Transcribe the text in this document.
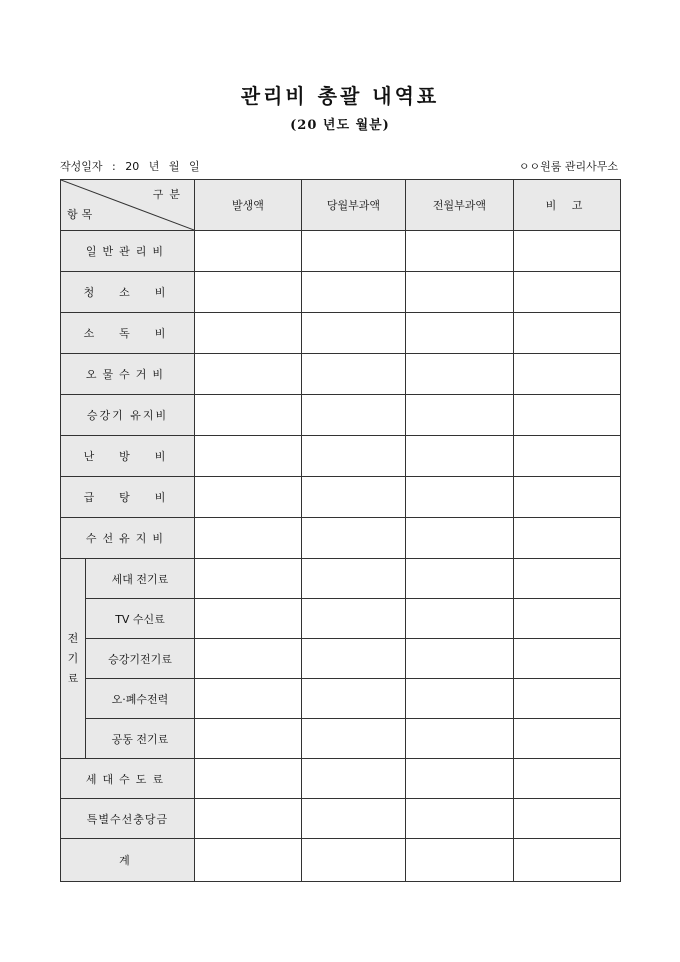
관리비 총괄 내역표
(20 년도 월분)
작성일자 : 20 년 월 일	ㅇㅇ원룸 관리사무소
구분
항목		발생액	당월부과액	전월부과액	비 고
일반관리비					
청  소  비					
소  독  비					
오물수거비					
승강기 유지비					
난  방  비					
급  탕  비					
수선유지비					

전
기
료	세대 전기료				
	TV 수신료				
	승강기전기료				
	오·폐수전력				
	공동 전기료				
세대수도료					
특별수선충당금					
계					
